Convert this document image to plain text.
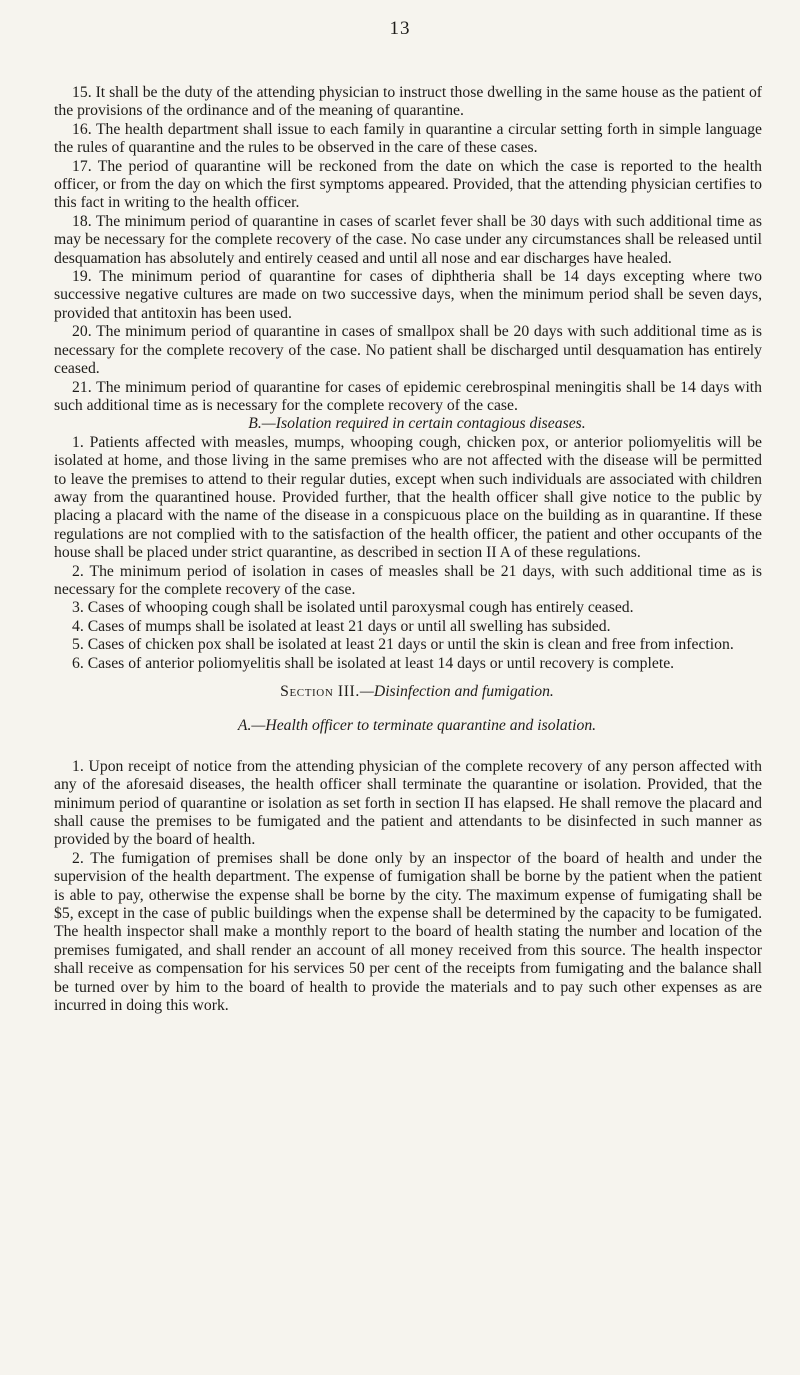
13

15. It shall be the duty of the attending physician to instruct those dwelling in the same house as the patient of the provisions of the ordinance and of the meaning of quarantine.

16. The health department shall issue to each family in quarantine a circular setting forth in simple language the rules of quarantine and the rules to be observed in the care of these cases.

17. The period of quarantine will be reckoned from the date on which the case is reported to the health officer, or from the day on which the first symptoms appeared. Provided, that the attending physician certifies to this fact in writing to the health officer.

18. The minimum period of quarantine in cases of scarlet fever shall be 30 days with such additional time as may be necessary for the complete recovery of the case. No case under any circumstances shall be released until desquamation has absolutely and entirely ceased and until all nose and ear discharges have healed.

19. The minimum period of quarantine for cases of diphtheria shall be 14 days excepting where two successive negative cultures are made on two successive days, when the minimum period shall be seven days, provided that antitoxin has been used.

20. The minimum period of quarantine in cases of smallpox shall be 20 days with such additional time as is necessary for the complete recovery of the case. No patient shall be discharged until desquamation has entirely ceased.

21. The minimum period of quarantine for cases of epidemic cerebrospinal meningitis shall be 14 days with such additional time as is necessary for the complete recovery of the case.

B.—Isolation required in certain contagious diseases.

1. Patients affected with measles, mumps, whooping cough, chicken pox, or anterior poliomyelitis will be isolated at home, and those living in the same premises who are not affected with the disease will be permitted to leave the premises to attend to their regular duties, except when such individuals are associated with children away from the quarantined house. Provided further, that the health officer shall give notice to the public by placing a placard with the name of the disease in a conspicuous place on the building as in quarantine. If these regulations are not complied with to the satisfaction of the health officer, the patient and other occupants of the house shall be placed under strict quarantine, as described in section II A of these regulations.

2. The minimum period of isolation in cases of measles shall be 21 days, with such additional time as is necessary for the complete recovery of the case.

3. Cases of whooping cough shall be isolated until paroxysmal cough has entirely ceased.

4. Cases of mumps shall be isolated at least 21 days or until all swelling has subsided.

5. Cases of chicken pox shall be isolated at least 21 days or until the skin is clean and free from infection.

6. Cases of anterior poliomyelitis shall be isolated at least 14 days or until recovery is complete.

Section III.—Disinfection and fumigation.

A.—Health officer to terminate quarantine and isolation.

1. Upon receipt of notice from the attending physician of the complete recovery of any person affected with any of the aforesaid diseases, the health officer shall terminate the quarantine or isolation. Provided, that the minimum period of quarantine or isolation as set forth in section II has elapsed. He shall remove the placard and shall cause the premises to be fumigated and the patient and attendants to be disinfected in such manner as provided by the board of health.

2. The fumigation of premises shall be done only by an inspector of the board of health and under the supervision of the health department. The expense of fumigation shall be borne by the patient when the patient is able to pay, otherwise the expense shall be borne by the city. The maximum expense of fumigating shall be $5, except in the case of public buildings when the expense shall be determined by the capacity to be fumigated. The health inspector shall make a monthly report to the board of health stating the number and location of the premises fumigated, and shall render an account of all money received from this source. The health inspector shall receive as compensation for his services 50 per cent of the receipts from fumigating and the balance shall be turned over by him to the board of health to provide the materials and to pay such other expenses as are incurred in doing this work.
